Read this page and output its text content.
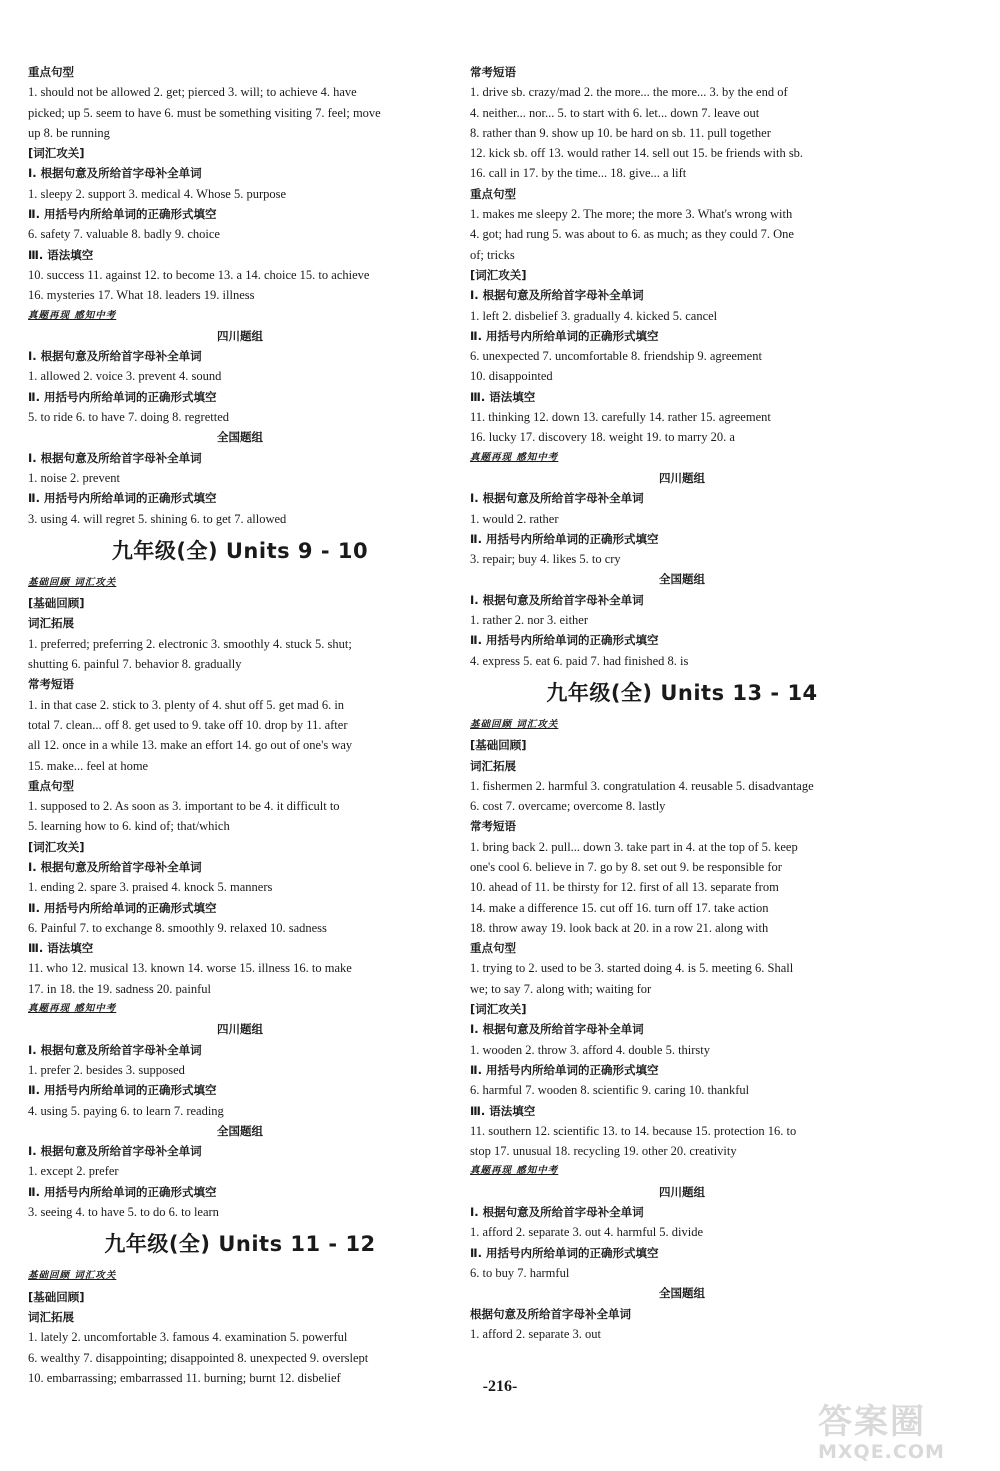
重点句型
1. should not be allowed 2. get; pierced 3. will; to achieve 4. have
picked; up 5. seem to have 6. must be something visiting 7. feel; move
up 8. be running
[词汇攻关]
Ⅰ. 根据句意及所给首字母补全单词
1. sleepy 2. support 3. medical 4. Whose 5. purpose
Ⅱ. 用括号内所给单词的正确形式填空
6. safety 7. valuable 8. badly 9. choice
Ⅲ. 语法填空
10. success 11. against 12. to become 13. a 14. choice 15. to achieve
16. mysteries 17. What 18. leaders 19. illness
真题再现 感知中考
四川题组
Ⅰ. 根据句意及所给首字母补全单词
1. allowed 2. voice 3. prevent 4. sound
Ⅱ. 用括号内所给单词的正确形式填空
5. to ride 6. to have 7. doing 8. regretted
全国题组
Ⅰ. 根据句意及所给首字母补全单词
1. noise 2. prevent
Ⅱ. 用括号内所给单词的正确形式填空
3. using 4. will regret 5. shining 6. to get 7. allowed
九年级(全) Units 9 - 10
基础回顾 词汇攻关
[基础回顾]
词汇拓展
1. preferred; preferring 2. electronic 3. smoothly 4. stuck 5. shut;
shutting 6. painful 7. behavior 8. gradually
常考短语
1. in that case 2. stick to 3. plenty of 4. shut off 5. get mad 6. in
total 7. clean... off 8. get used to 9. take off 10. drop by 11. after
all 12. once in a while 13. make an effort 14. go out of one's way
15. make... feel at home
重点句型
1. supposed to 2. As soon as 3. important to be 4. it difficult to
5. learning how to 6. kind of; that/which
[词汇攻关]
Ⅰ. 根据句意及所给首字母补全单词
1. ending 2. spare 3. praised 4. knock 5. manners
Ⅱ. 用括号内所给单词的正确形式填空
6. Painful 7. to exchange 8. smoothly 9. relaxed 10. sadness
Ⅲ. 语法填空
11. who 12. musical 13. known 14. worse 15. illness 16. to make
17. in 18. the 19. sadness 20. painful
真题再现 感知中考
四川题组
Ⅰ. 根据句意及所给首字母补全单词
1. prefer 2. besides 3. supposed
Ⅱ. 用括号内所给单词的正确形式填空
4. using 5. paying 6. to learn 7. reading
全国题组
Ⅰ. 根据句意及所给首字母补全单词
1. except 2. prefer
Ⅱ. 用括号内所给单词的正确形式填空
3. seeing 4. to have 5. to do 6. to learn
九年级(全) Units 11 - 12
基础回顾 词汇攻关
[基础回顾]
词汇拓展
1. lately 2. uncomfortable 3. famous 4. examination 5. powerful
6. wealthy 7. disappointing; disappointed 8. unexpected 9. overslept
10. embarrassing; embarrassed 11. burning; burnt 12. disbelief
常考短语
1. drive sb. crazy/mad 2. the more... the more... 3. by the end of
4. neither... nor... 5. to start with 6. let... down 7. leave out
8. rather than 9. show up 10. be hard on sb. 11. pull together
12. kick sb. off 13. would rather 14. sell out 15. be friends with sb.
16. call in 17. by the time... 18. give... a lift
重点句型
1. makes me sleepy 2. The more; the more 3. What's wrong with
4. got; had rung 5. was about to 6. as much; as they could 7. One
of; tricks
[词汇攻关]
Ⅰ. 根据句意及所给首字母补全单词
1. left 2. disbelief 3. gradually 4. kicked 5. cancel
Ⅱ. 用括号内所给单词的正确形式填空
6. unexpected 7. uncomfortable 8. friendship 9. agreement
10. disappointed
Ⅲ. 语法填空
11. thinking 12. down 13. carefully 14. rather 15. agreement
16. lucky 17. discovery 18. weight 19. to marry 20. a
真题再现 感知中考
四川题组
Ⅰ. 根据句意及所给首字母补全单词
1. would 2. rather
Ⅱ. 用括号内所给单词的正确形式填空
3. repair; buy 4. likes 5. to cry
全国题组
Ⅰ. 根据句意及所给首字母补全单词
1. rather 2. nor 3. either
Ⅱ. 用括号内所给单词的正确形式填空
4. express 5. eat 6. paid 7. had finished 8. is
九年级(全) Units 13 - 14
基础回顾 词汇攻关
[基础回顾]
词汇拓展
1. fishermen 2. harmful 3. congratulation 4. reusable 5. disadvantage
6. cost 7. overcame; overcome 8. lastly
常考短语
1. bring back 2. pull... down 3. take part in 4. at the top of 5. keep
one's cool 6. believe in 7. go by 8. set out 9. be responsible for
10. ahead of 11. be thirsty for 12. first of all 13. separate from
14. make a difference 15. cut off 16. turn off 17. take action
18. throw away 19. look back at 20. in a row 21. along with
重点句型
1. trying to 2. used to be 3. started doing 4. is 5. meeting 6. Shall
we; to say 7. along with; waiting for
[词汇攻关]
Ⅰ. 根据句意及所给首字母补全单词
1. wooden 2. throw 3. afford 4. double 5. thirsty
Ⅱ. 用括号内所给单词的正确形式填空
6. harmful 7. wooden 8. scientific 9. caring 10. thankful
Ⅲ. 语法填空
11. southern 12. scientific 13. to 14. because 15. protection 16. to
stop 17. unusual 18. recycling 19. other 20. creativity
真题再现 感知中考
四川题组
Ⅰ. 根据句意及所给首字母补全单词
1. afford 2. separate 3. out 4. harmful 5. divide
Ⅱ. 用括号内所给单词的正确形式填空
6. to buy 7. harmful
全国题组
根据句意及所给首字母补全单词
1. afford 2. separate 3. out
-216-
答案圈
MXQE.COM
